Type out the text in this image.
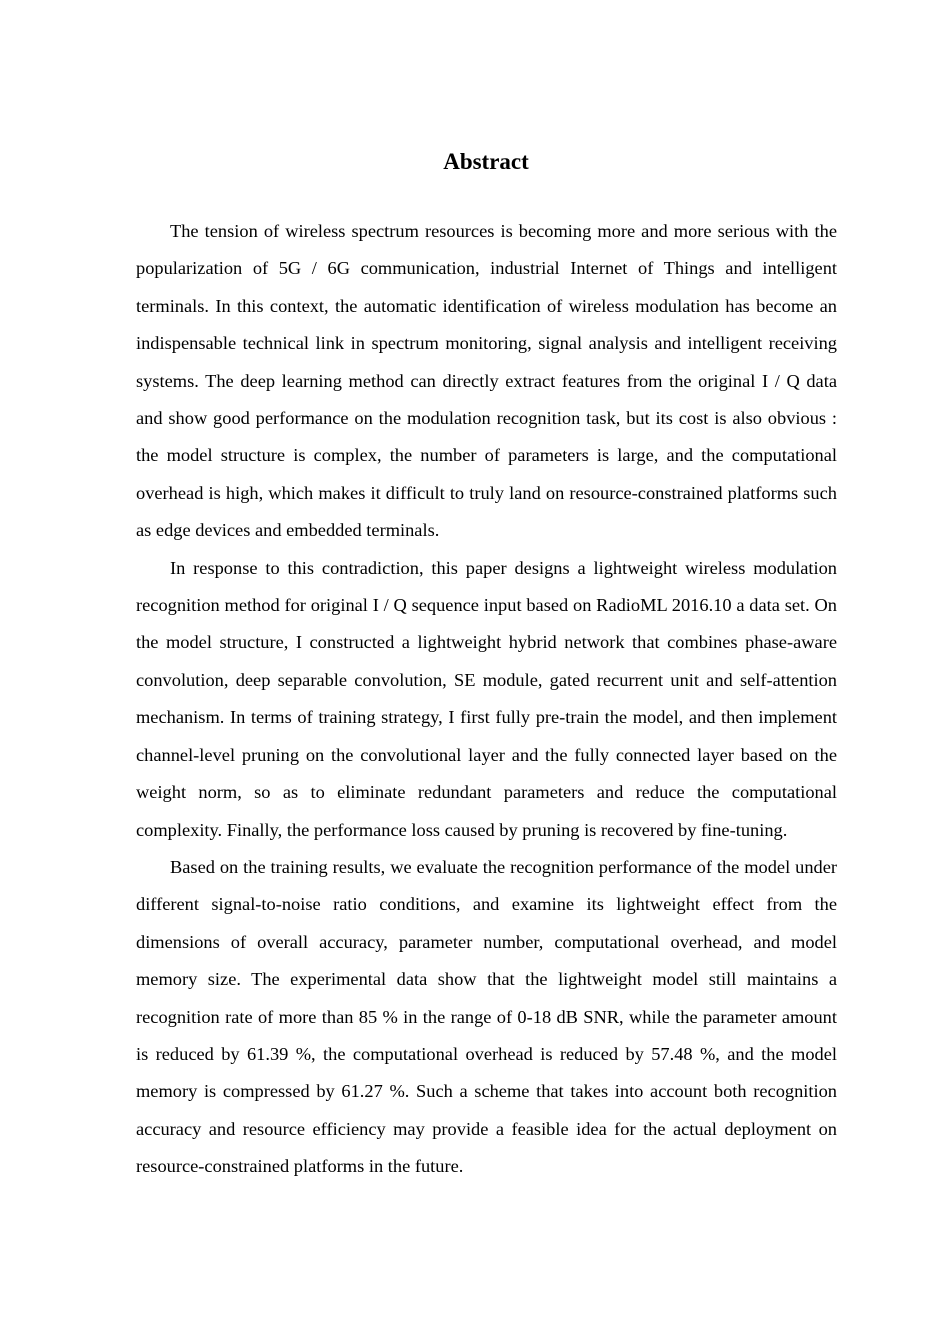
Abstract

The tension of wireless spectrum resources is becoming more and more serious with the popularization of 5G / 6G communication, industrial Internet of Things and intelligent terminals. In this context, the automatic identification of wireless modulation has become an indispensable technical link in spectrum monitoring, signal analysis and intelligent receiving systems. The deep learning method can directly extract features from the original I / Q data and show good performance on the modulation recognition task, but its cost is also obvious : the model structure is complex, the number of parameters is large, and the computational overhead is high, which makes it difficult to truly land on resource-constrained platforms such as edge devices and embedded terminals.

In response to this contradiction, this paper designs a lightweight wireless modulation recognition method for original I / Q sequence input based on RadioML 2016.10 a data set. On the model structure, I constructed a lightweight hybrid network that combines phase-aware convolution, deep separable convolution, SE module, gated recurrent unit and self-attention mechanism. In terms of training strategy, I first fully pre-train the model, and then implement channel-level pruning on the convolutional layer and the fully connected layer based on the weight norm, so as to eliminate redundant parameters and reduce the computational complexity. Finally, the performance loss caused by pruning is recovered by fine-tuning.

Based on the training results, we evaluate the recognition performance of the model under different signal-to-noise ratio conditions, and examine its lightweight effect from the dimensions of overall accuracy, parameter number, computational overhead, and model memory size. The experimental data show that the lightweight model still maintains a recognition rate of more than 85 % in the range of 0-18 dB SNR, while the parameter amount is reduced by 61.39 %, the computational overhead is reduced by 57.48 %, and the model memory is compressed by 61.27 %. Such a scheme that takes into account both recognition accuracy and resource efficiency may provide a feasible idea for the actual deployment on resource-constrained platforms in the future.
